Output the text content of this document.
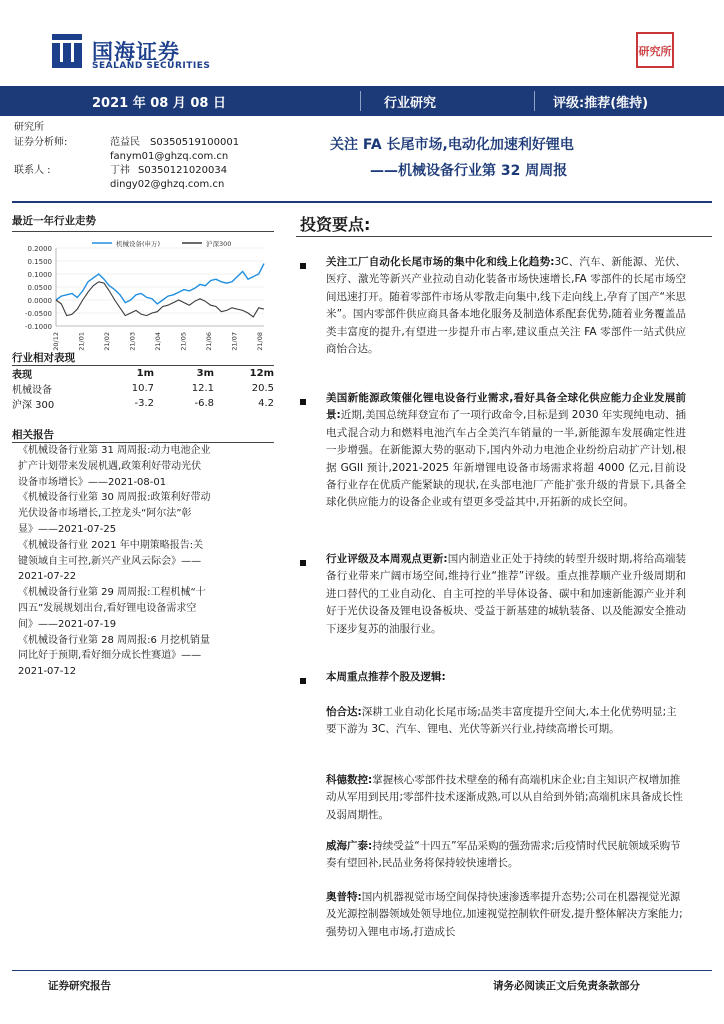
国海证券
SEALAND SECURITIES
研究所
2021 年 08 月 08 日	行业研究	评级:推荐(维持)
研究所
证券分析师:	范益民 S0350519100001
fanym01@ghzq.com.cn
联系人 :	丁祎 S0350121020034
dingy02@ghzq.com.cn
关注 FA 长尾市场,电动化加速利好锂电
——机械设备行业第 32 周周报
最近一年行业走势
0.2000
0.1500
0.1000
0.0500
0.0000
-0.0500
-0.1000
20/12	21/01	21/02	21/03	21/04	21/05	21/06	21/07	21/08
机械设备(申万)	沪深300
行业相对表现
表现	1m	3m	12m
机械设备	10.7	12.1	20.5
沪深 300	-3.2	-6.8	4.2
相关报告
《机械设备行业第 31 周周报:动力电池企业
扩产计划带来发展机遇,政策利好带动光伏
设备市场增长》——2021-08-01
《机械设备行业第 30 周周报:政策利好带动
光伏设备市场增长,工控龙头“阿尔法”彰
显》——2021-07-25
《机械设备行业 2021 年中期策略报告:关
键领域自主可控,新兴产业风云际会》——
2021-07-22
《机械设备行业第 29 周周报:工程机械“十
四五”发展规划出台,看好锂电设备需求空
间》——2021-07-19
《机械设备行业第 28 周周报:6 月挖机销量
同比好于预期,看好细分成长性赛道》——
2021-07-12
投资要点:
关注工厂自动化长尾市场的集中化和线上化趋势:3C、汽车、新能源、光伏、医疗、激光等新兴产业拉动自动化装备市场快速增长,FA 零部件的长尾市场空间迅速打开。随着零部件市场从零散走向集中,线下走向线上,孕育了国产“米思米”。国内零部件供应商具备本地化服务及制造体系配套优势,随着业务覆盖品类丰富度的提升,有望进一步提升市占率,建议重点关注 FA 零部件一站式供应商怡合达。
美国新能源政策催化锂电设备行业需求,看好具备全球化供应能力企业发展前景:近期,美国总统拜登宣布了一项行政命令,目标是到 2030 年实现纯电动、插电式混合动力和燃料电池汽车占全美汽车销量的一半,新能源车发展确定性进一步增强。在新能源大势的驱动下,国内外动力电池企业纷纷启动扩产计划,根据 GGII 预计,2021-2025 年新增锂电设备市场需求将超 4000 亿元,目前设备行业存在优质产能紧缺的现状,在头部电池厂产能扩张升级的背景下,具备全球化供应能力的设备企业或有望更多受益其中,开拓新的成长空间。
行业评级及本周观点更新:国内制造业正处于持续的转型升级时期,将给高端装备行业带来广阔市场空间,维持行业“推荐”评级。重点推荐顺产业升级周期和进口替代的工业自动化、自主可控的半导体设备、碳中和加速新能源产业并利好于光伏设备及锂电设备板块、受益于新基建的城轨装备、以及能源安全推动下逐步复苏的油服行业。
本周重点推荐个股及逻辑:
怡合达:深耕工业自动化长尾市场;品类丰富度提升空间大,本土化优势明显;主要下游为 3C、汽车、锂电、光伏等新兴行业,持续高增长可期。
科德数控:掌握核心零部件技术壁垒的稀有高端机床企业;自主知识产权增加推动从军用到民用;零部件技术逐渐成熟,可以从自给到外销;高端机床具备成长性及弱周期性。
威海广泰:持续受益“十四五”军品采购的强劲需求;后疫情时代民航领域采购节奏有望回补,民品业务将保持较快速增长。
奥普特:国内机器视觉市场空间保持快速渗透率提升态势;公司在机器视觉光源及光源控制器领域处领导地位,加速视觉控制软件研发,提升整体解决方案能力;强势切入锂电市场,打造成长
证券研究报告	请务必阅读正文后免责条款部分
